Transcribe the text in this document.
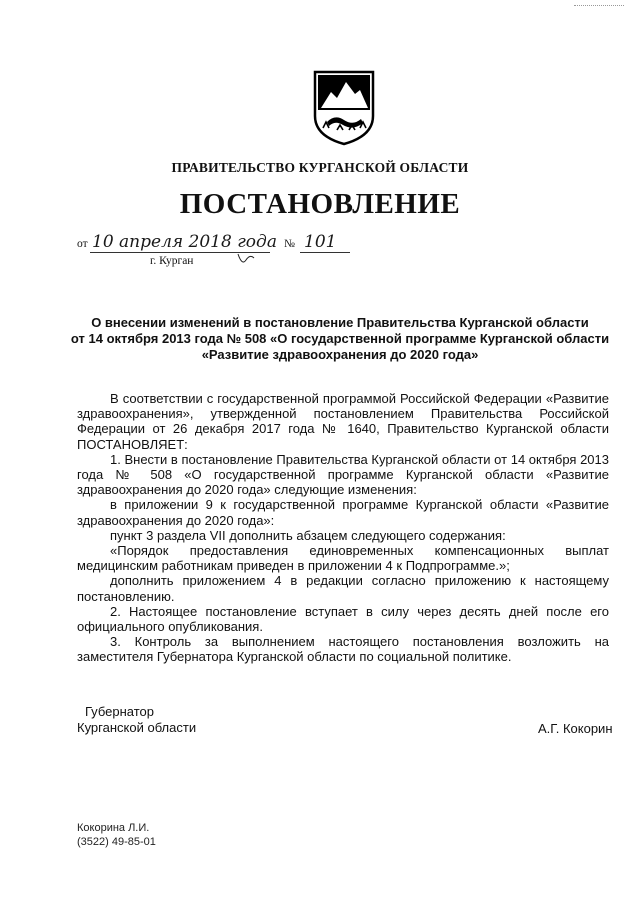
ПРАВИТЕЛЬСТВО КУРГАНСКОЙ ОБЛАСТИ
ПОСТАНОВЛЕНИЕ
от 10 апреля 2018 года № 101
г. Курган
О внесении изменений в постановление Правительства Курганской области
от 14 октября 2013 года № 508 «О государственной программе Курганской области
«Развитие здравоохранения до 2020 года»

В соответствии с государственной программой Российской Федерации «Развитие здравоохранения», утвержденной постановлением Правительства Российской Федерации от 26 декабря 2017 года № 1640, Правительство Курганской области ПОСТАНОВЛЯЕТ:

1. Внести в постановление Правительства Курганской области от 14 октября 2013 года № 508 «О государственной программе Курганской области «Развитие здравоохранения до 2020 года» следующие изменения:

в приложении 9 к государственной программе Курганской области «Развитие здравоохранения до 2020 года»:

пункт 3 раздела VII дополнить абзацем следующего содержания:

«Порядок предоставления единовременных компенсационных выплат медицинским работникам приведен в приложении 4 к Подпрограмме.»;

дополнить приложением 4 в редакции согласно приложению к настоящему постановлению.

2. Настоящее постановление вступает в силу через десять дней после его официального опубликования.

3. Контроль за выполнением настоящего постановления возложить на заместителя Губернатора Курганской области по социальной политике.

Губернатор
Курганской области	А.Г. Кокорин
Кокорина Л.И.
(3522) 49-85-01
